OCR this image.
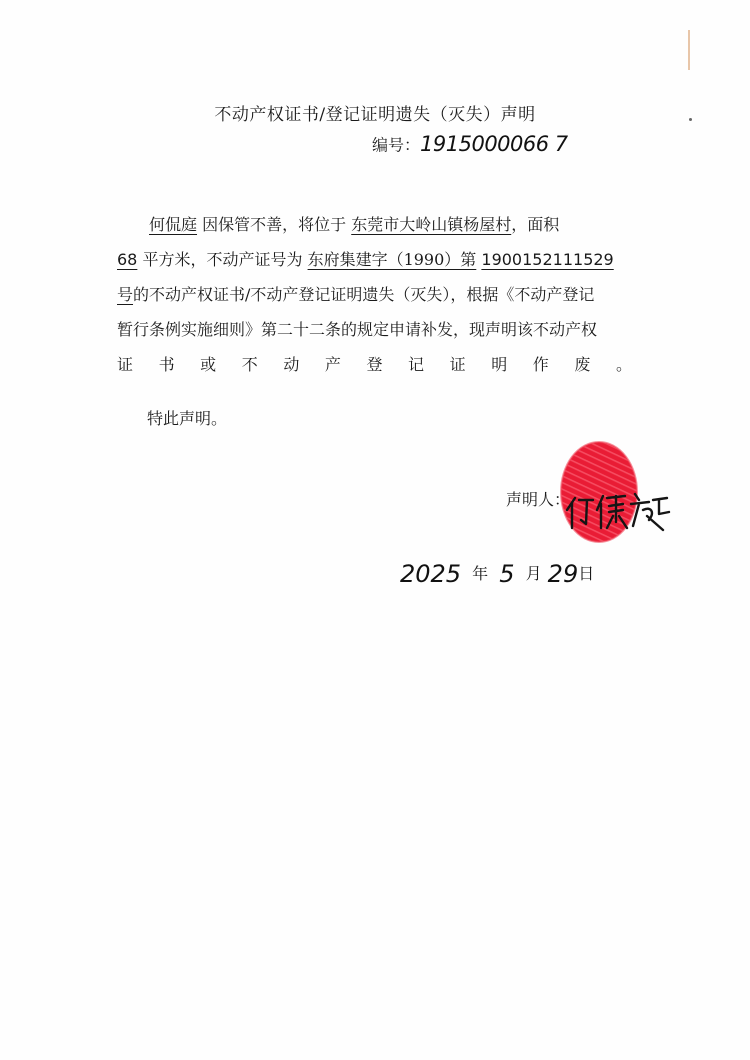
不动产权证书/登记证明遗失（灭失）声明
编号：1915000066 7
何侃庭 因保管不善，将位于 东莞市大岭山镇杨屋村，面积
68 平方米，不动产证号为 东府集建字（1990）第 1900152111529
号的不动产权证书/不动产登记证明遗失（灭失），根据《不动产登记
暂行条例实施细则》第二十二条的规定申请补发，现声明该不动产权
证 书 或 不 动 产 登 记 证 明 作 废 。
特此声明。
声明人：
2025 年 5 月 29日
